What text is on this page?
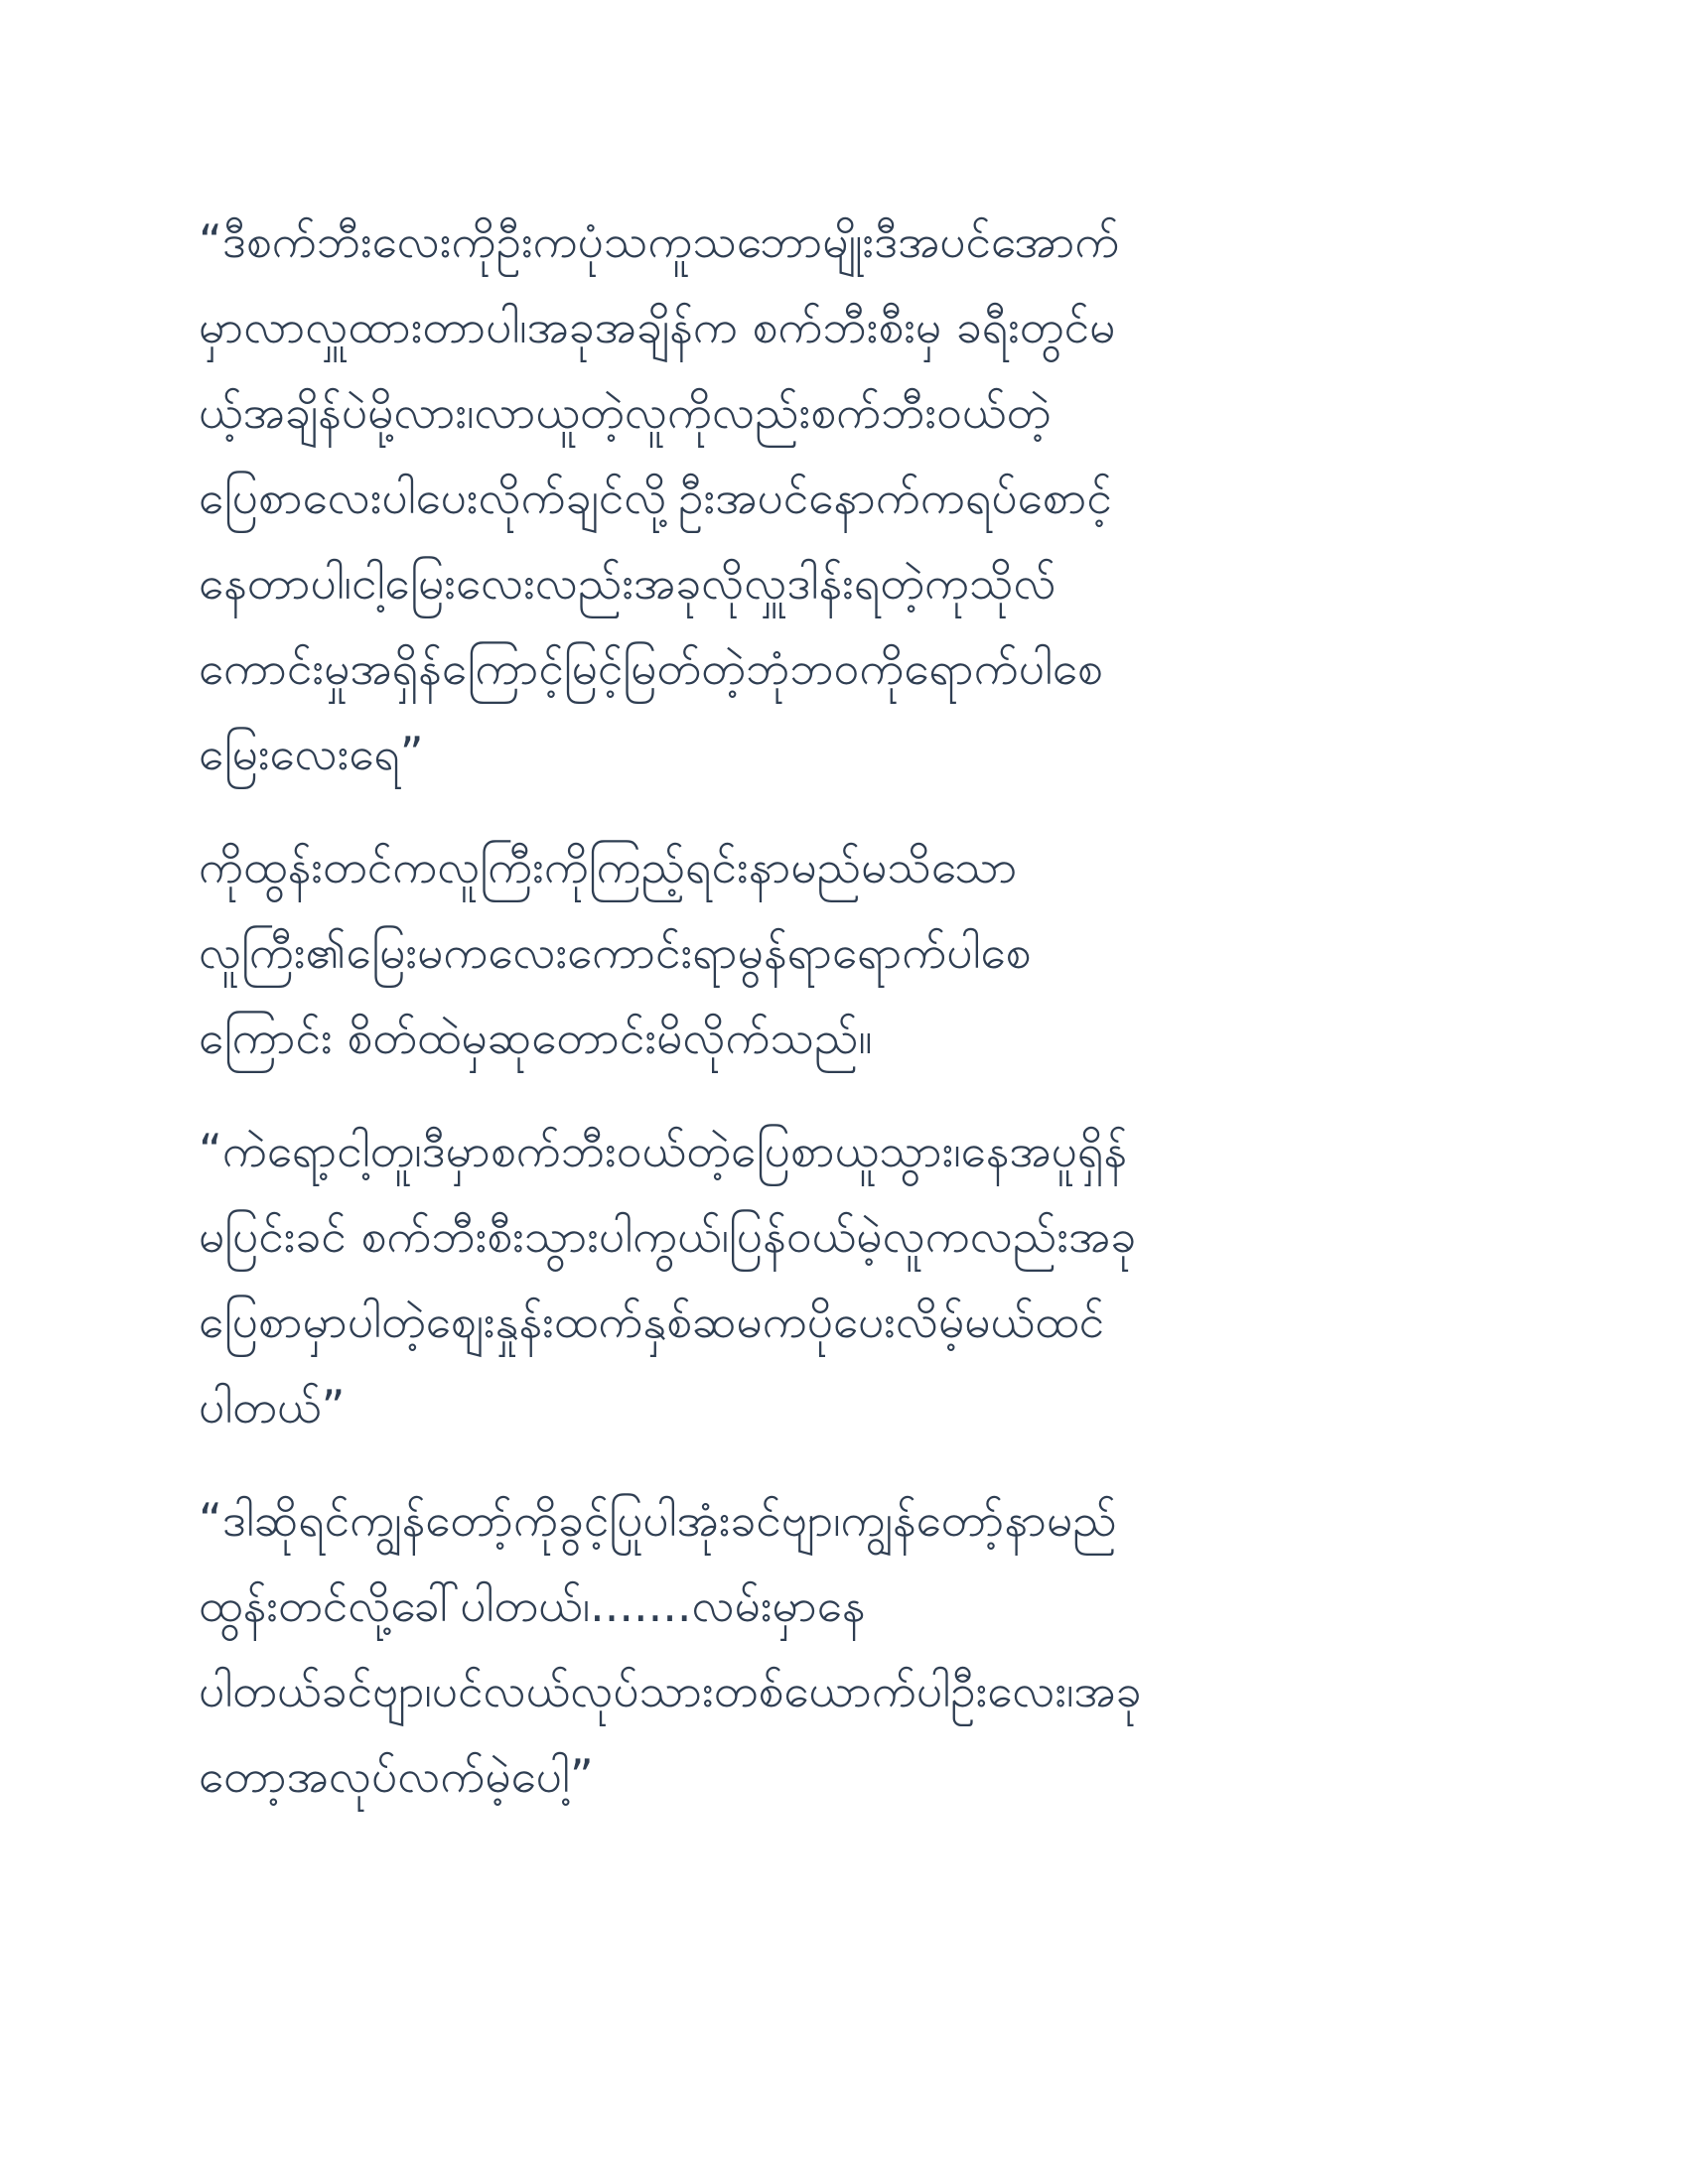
“ဒီစက်ဘီးလေးကိုဦးကပုံသကူသဘောမျိုးဒီအပင်အောက်
မှာလာလှူထားတာပါ၊အခုအချိန်က စက်ဘီးစီးမှ ခရီးတွင်မ
ယ့်အချိန်ပဲမို့လား၊လာယူတဲ့လူကိုလည်းစက်ဘီးဝယ်တဲ့
ပြေစာလေးပါပေးလိုက်ချင်လို့ဦးအပင်နောက်ကရပ်စောင့်
နေတာပါ၊ငါ့မြေးလေးလည်းအခုလိုလှူဒါန်းရတဲ့ကုသိုလ်
ကောင်းမှုအရှိန်ကြောင့်မြင့်မြတ်တဲ့ဘုံဘဝကိုရောက်ပါစေ
မြေးလေးရေ”

ကိုထွန်းတင်ကလူကြီးကိုကြည့်ရင်းနာမည်မသိသော
လူကြီး၏မြေးမကလေးကောင်းရာမွန်ရာရောက်ပါစေ
ကြောင်း စိတ်ထဲမှဆုတောင်းမိလိုက်သည်။

“ကဲရော့ငါ့တူ၊ဒီမှာစက်ဘီးဝယ်တဲ့ပြေစာယူသွား၊နေအပူရှိန်
မပြင်းခင် စက်ဘီးစီးသွားပါကွယ်၊ပြန်ဝယ်မဲ့လူကလည်းအခု
ပြေစာမှာပါတဲ့စျေးနှုန်းထက်နှစ်ဆမကပိုပေးလိမ့်မယ်ထင်
ပါတယ်”

“ဒါဆိုရင်ကျွန်တော့်ကိုခွင့်ပြုပါအုံးခင်ဗျာ၊ကျွန်တော့်နာမည်
ထွန်းတင်လို့ခေါ်ပါတယ်၊.......လမ်းမှာနေ
ပါတယ်ခင်ဗျာ၊ပင်လယ်လုပ်သားတစ်ယောက်ပါဦးလေး၊အခု
တော့အလုပ်လက်မဲ့ပေါ့”
